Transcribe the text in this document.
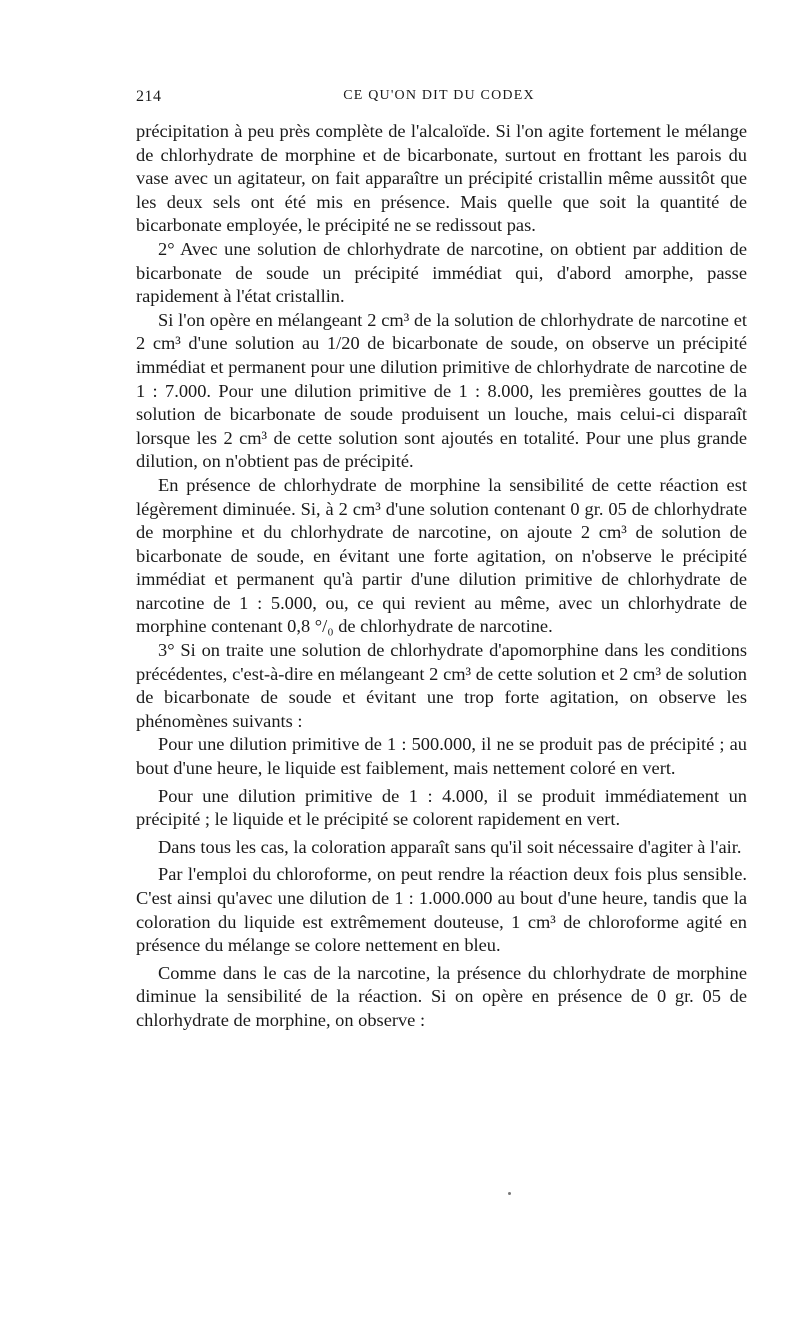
214	CE QU'ON DIT DU CODEX

précipitation à peu près complète de l'alcaloïde. Si l'on agite fortement le mélange de chlorhydrate de morphine et de bicarbonate, surtout en frottant les parois du vase avec un agitateur, on fait apparaître un précipité cristallin même aussitôt que les deux sels ont été mis en présence. Mais quelle que soit la quantité de bicarbonate employée, le précipité ne se redissout pas.

2° Avec une solution de chlorhydrate de narcotine, on obtient par addition de bicarbonate de soude un précipité immédiat qui, d'abord amorphe, passe rapidement à l'état cristallin.

Si l'on opère en mélangeant 2 cm³ de la solution de chlorhydrate de narcotine et 2 cm³ d'une solution au 1/20 de bicarbonate de soude, on observe un précipité immédiat et permanent pour une dilution primitive de chlorhydrate de narcotine de 1 : 7.000. Pour une dilution primitive de 1 : 8.000, les premières gouttes de la solution de bicarbonate de soude produisent un louche, mais celui-ci disparaît lorsque les 2 cm³ de cette solution sont ajoutés en totalité. Pour une plus grande dilution, on n'obtient pas de précipité.

En présence de chlorhydrate de morphine la sensibilité de cette réaction est légèrement diminuée. Si, à 2 cm³ d'une solution contenant 0 gr. 05 de chlorhydrate de morphine et du chlorhydrate de narcotine, on ajoute 2 cm³ de solution de bicarbonate de soude, en évitant une forte agitation, on n'observe le précipité immédiat et permanent qu'à partir d'une dilution primitive de chlorhydrate de narcotine de 1 : 5.000, ou, ce qui revient au même, avec un chlorhydrate de morphine contenant 0,8 °/₀ de chlorhydrate de narcotine.

3° Si on traite une solution de chlorhydrate d'apomorphine dans les conditions précédentes, c'est-à-dire en mélangeant 2 cm³ de cette solution et 2 cm³ de solution de bicarbonate de soude et évitant une trop forte agitation, on observe les phénomènes suivants :

Pour une dilution primitive de 1 : 500.000, il ne se produit pas de précipité ; au bout d'une heure, le liquide est faiblement, mais nettement coloré en vert.

Pour une dilution primitive de 1 : 4.000, il se produit immédiatement un précipité ; le liquide et le précipité se colorent rapidement en vert.

Dans tous les cas, la coloration apparaît sans qu'il soit nécessaire d'agiter à l'air.

Par l'emploi du chloroforme, on peut rendre la réaction deux fois plus sensible. C'est ainsi qu'avec une dilution de 1 : 1.000.000 au bout d'une heure, tandis que la coloration du liquide est extrêmement douteuse, 1 cm³ de chloroforme agité en présence du mélange se colore nettement en bleu.

Comme dans le cas de la narcotine, la présence du chlorhydrate de morphine diminue la sensibilité de la réaction. Si on opère en présence de 0 gr. 05 de chlorhydrate de morphine, on observe :
